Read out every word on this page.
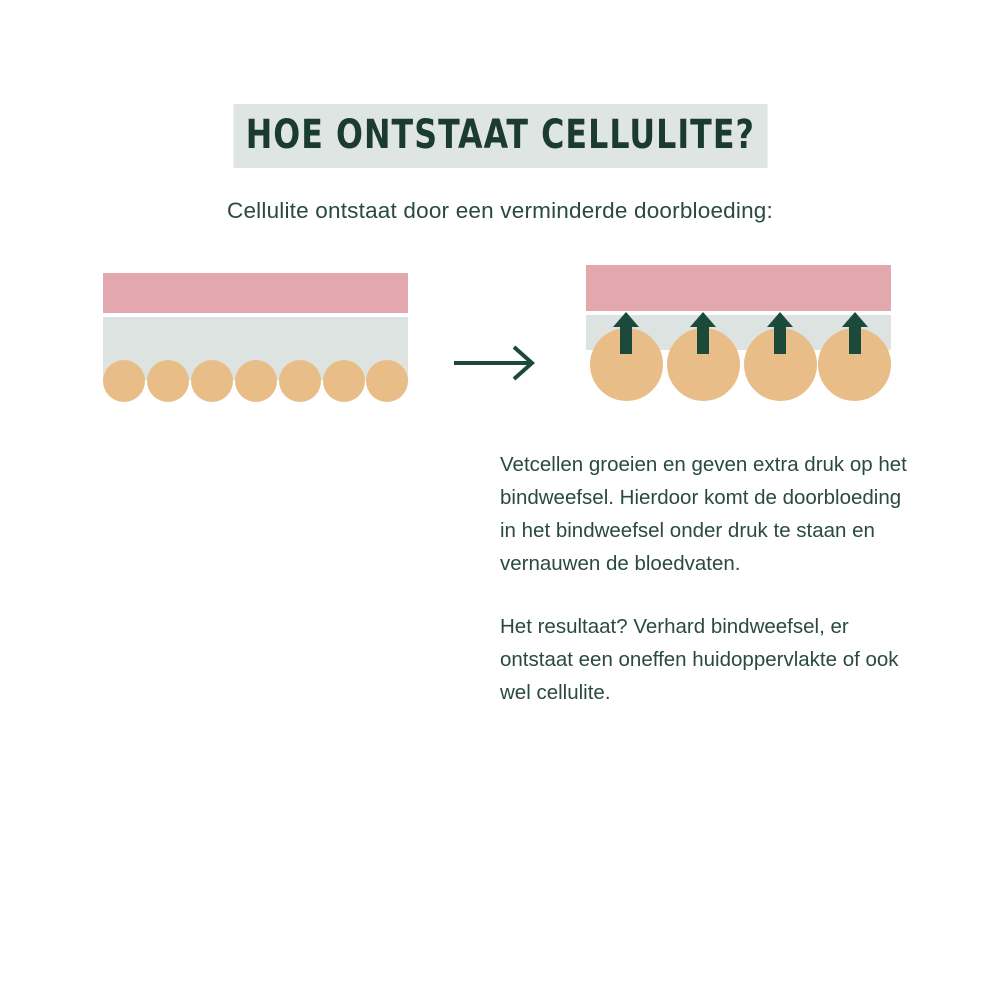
HOE ONTSTAAT CELLULITE?
Cellulite ontstaat door een verminderde doorbloeding:

Vetcellen groeien en geven extra druk op het bindweefsel. Hierdoor komt de doorbloeding in het bindweefsel onder druk te staan en vernauwen de bloedvaten.

Het resultaat? Verhard bindweefsel, er ontstaat een oneffen huidoppervlakte of ook wel cellulite.
